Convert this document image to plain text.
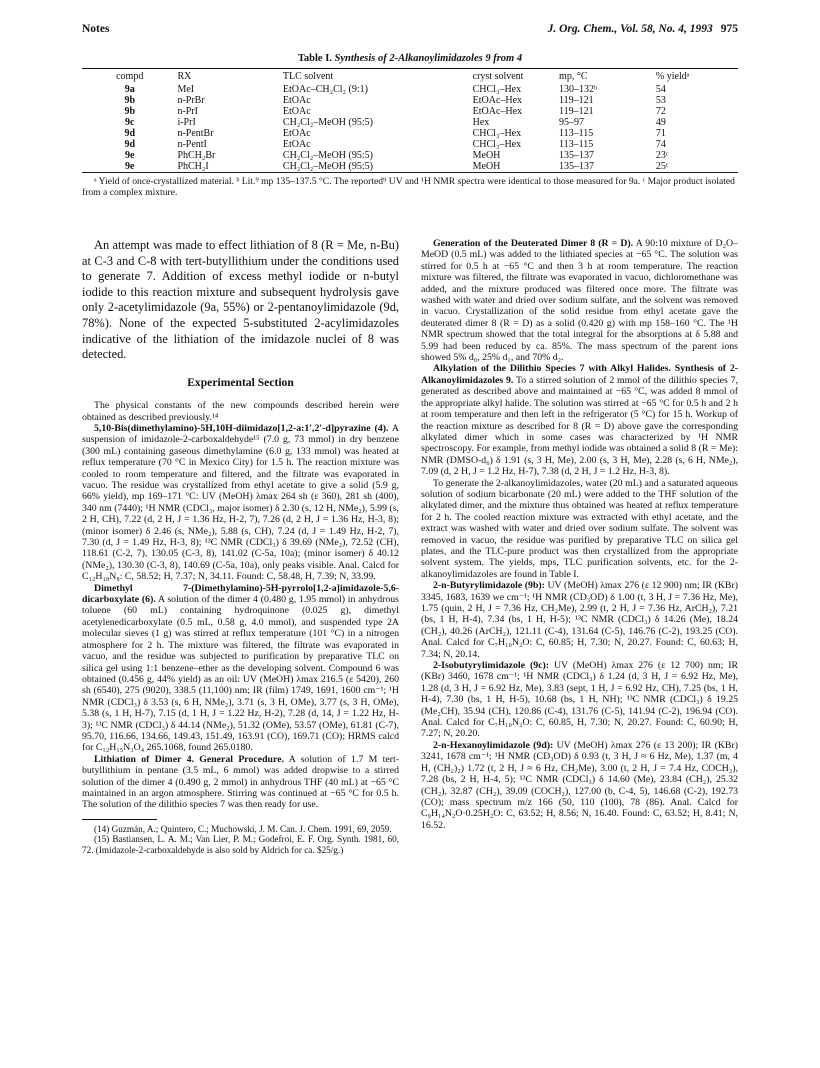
Notes	J. Org. Chem., Vol. 58, No. 4, 1993 975
Table I. Synthesis of 2-Alkanoylimidazoles 9 from 4
compd	RX	TLC solvent	cryst solvent	mp, °C	% yieldᵃ
9a	MeI	EtOAc–CH₂Cl₂ (9:1)	CHCl₃–Hex	130–132ᵇ	54
9b	n-PrBr	EtOAc	EtOAc–Hex	119–121	53
9b	n-PrI	EtOAc	EtOAc–Hex	119–121	72
9c	i-PrI	CH₂Cl₂–MeOH (95:5)	Hex	95–97	49
9d	n-PentBr	EtOAc	CHCl₃–Hex	113–115	71
9d	n-PentI	EtOAc	CHCl₃–Hex	113–115	74
9e	PhCH₂Br	CH₂Cl₂–MeOH (95:5)	MeOH	135–137	23ᶜ
9e	PhCH₂I	CH₂Cl₂–MeOH (95:5)	MeOH	135–137	25ᶜ
ᵃ Yield of once-crystallized material. ᵇ Lit.⁹ mp 135–137.5 °C. The reported⁹ UV and ¹H NMR spectra were identical to those measured for 9a. ᶜ Major product isolated from a complex mixture.

An attempt was made to effect lithiation of 8 (R = Me, n-Bu) at C-3 and C-8 with tert-butyllithium under the conditions used to generate 7. Addition of excess methyl iodide or n-butyl iodide to this reaction mixture and subsequent hydrolysis gave only 2-acetylimidazole (9a, 55%) or 2-pentanoylimidazole (9d, 78%). None of the expected 5-substituted 2-acylimidazoles indicative of the lithiation of the imidazole nuclei of 8 was detected.

Experimental Section

The physical constants of the new compounds described herein were obtained as described previously.¹⁴

5,10-Bis(dimethylamino)-5H,10H-diimidazo[1,2-a:1′,2′-d]pyrazine (4). A suspension of imidazole-2-carboxaldehyde¹⁵ (7.0 g, 73 mmol) in dry benzene (300 mL) containing gaseous dimethylamine (6.0 g, 133 mmol) was heated at reflux temperature (70 °C in Mexico City) for 1.5 h. The reaction mixture was cooled to room temperature and filtered, and the filtrate was evaporated in vacuo. The residue was crystallized from ethyl acetate to give a solid (5.9 g, 66% yield), mp 169–171 °C: UV (MeOH) λmax 264 sh (ε 360), 281 sh (400), 340 nm (7440); ¹H NMR (CDCl₃, major isomer) δ 2.30 (s, 12 H, NMe₂), 5.99 (s, 2 H, CH), 7.22 (d, 2 H, J = 1.36 Hz, H-2, 7), 7.26 (d, 2 H, J = 1.36 Hz, H-3, 8); (minor isomer) δ 2.46 (s, NMe₂), 5.88 (s, CH), 7.24 (d, J = 1.49 Hz, H-2, 7), 7.30 (d, J = 1.49 Hz, H-3, 8); ¹³C NMR (CDCl₃) δ 39.69 (NMe₂), 72.52 (CH), 118.61 (C-2, 7), 130.05 (C-3, 8), 141.02 (C-5a, 10a); (minor isomer) δ 40.12 (NMe₂), 130.30 (C-3, 8), 140.69 (C-5a, 10a), only peaks visible. Anal. Calcd for C₁₂H₁₈N₈: C, 58.52; H, 7.37; N, 34.11. Found: C, 58.48, H, 7.39; N, 33.99.

Dimethyl 7-(Dimethylamino)-5H-pyrrolo[1,2-a]imidazole-5,6-dicarboxylate (6). A solution of the dimer 4 (0.480 g, 1.95 mmol) in anhydrous toluene (60 mL) containing hydroquinone (0.025 g), dimethyl acetylenedicarboxylate (0.5 mL, 0.58 g, 4.0 mmol), and suspended type 2A molecular sieves (1 g) was stirred at reflux temperature (101 °C) in a nitrogen atmosphere for 2 h. The mixture was filtered, the filtrate was evaporated in vacuo, and the residue was subjected to purification by preparative TLC on silica gel using 1:1 benzene–ether as the developing solvent. Compound 6 was obtained (0.456 g, 44% yield) as an oil: UV (MeOH) λmax 216.5 (ε 5420), 260 sh (6540), 275 (9020), 338.5 (11,100) nm; IR (film) 1749, 1691, 1600 cm⁻¹; ¹H NMR (CDCl₃) δ 3.53 (s, 6 H, NMe₂), 3.71 (s, 3 H, OMe), 3.77 (s, 3 H, OMe), 5.38 (s, 1 H, H-7), 7.15 (d, 1 H, J = 1.22 Hz, H-2), 7.28 (d, 14, J = 1.22 Hz, H-3); ¹³C NMR (CDCl₃) δ 44.14 (NMe₂), 51.32 (OMe), 53.57 (OMe), 61.81 (C-7), 95.70, 116.66, 134.66, 149.43, 151.49, 163.91 (CO), 169.71 (CO); HRMS calcd for C₁₂H₁₅N₃O₄ 265.1068, found 265.0180.

Lithiation of Dimer 4. General Procedure. A solution of 1.7 M tert-butyllithium in pentane (3.5 mL, 6 mmol) was added dropwise to a stirred solution of the dimer 4 (0.490 g, 2 mmol) in anhydrous THF (40 mL) at −65 °C maintained in an argon atmosphere. Stirring was continued at −65 °C for 0.5 h. The solution of the dilithio species 7 was then ready for use.

(14) Guzmán, A.; Quintero, C.; Muchowski, J. M. Can. J. Chem. 1991, 69, 2059.

(15) Bastiansen, L. A. M.; Van Lier, P. M.; Godefroi, E. F. Org. Synth. 1981, 60, 72. (Imidazole-2-carboxaldehyde is also sold by Aldrich for ca. $25/g.)

Generation of the Deuterated Dimer 8 (R = D). A 90:10 mixture of D₂O–MeOD (0.5 mL) was added to the lithiated species at −65 °C. The solution was stirred for 0.5 h at −65 °C and then 3 h at room temperature. The reaction mixture was filtered, the filtrate was evaporated in vacuo, dichloromethane was added, and the mixture produced was filtered once more. The filtrate was washed with water and dried over sodium sulfate, and the solvent was removed in vacuo. Crystallization of the solid residue from ethyl acetate gave the deuterated dimer 8 (R = D) as a solid (0.420 g) with mp 158–160 °C. The ¹H NMR spectrum showed that the total integral for the absorptions at δ 5.88 and 5.99 had been reduced by ca. 85%. The mass spectrum of the parent ions showed 5% d₀, 25% d₁, and 70% d₂.

Alkylation of the Dilithio Species 7 with Alkyl Halides. Synthesis of 2-Alkanoylimidazoles 9. To a stirred solution of 2 mmol of the dilithio species 7, generated as described above and maintained at −65 °C, was added 8 mmol of the appropriate alkyl halide. The solution was stirred at −65 °C for 0.5 h and 2 h at room temperature and then left in the refrigerator (5 °C) for 15 h. Workup of the reaction mixture as described for 8 (R = D) above gave the corresponding alkylated dimer which in some cases was characterized by ¹H NMR spectroscopy. For example, from methyl iodide was obtained a solid 8 (R = Me): NMR (DMSO-d₆) δ 1.91 (s, 3 H, Me), 2.00 (s, 3 H, Me), 2.28 (s, 6 H, NMe₂), 7.09 (d, 2 H, J = 1.2 Hz, H-7), 7.38 (d, 2 H, J = 1.2 Hz, H-3, 8).

To generate the 2-alkanoylimidazoles, water (20 mL) and a saturated aqueous solution of sodium bicarbonate (20 mL) were added to the THF solution of the alkylated dimer, and the mixture thus obtained was heated at reflux temperature for 2 h. The cooled reaction mixture was extracted with ethyl acetate, and the extract was washed with water and dried over sodium sulfate. The solvent was removed in vacuo, the residue was purified by preparative TLC on silica gel plates, and the TLC-pure product was then crystallized from the appropriate solvent system. The yields, mps, TLC purification solvents, etc. for the 2-alkanoylimidazoles are found in Table I.

2-n-Butyrylimidazole (9b): UV (MeOH) λmax 276 (ε 12 900) nm; IR (KBr) 3345, 1683, 1639 we cm⁻¹; ¹H NMR (CD₃OD) δ 1.00 (t, 3 H, J = 7.36 Hz, Me), 1.75 (quin, 2 H, J = 7.36 Hz, CH₂Me), 2.99 (t, 2 H, J = 7.36 Hz, ArCH₂), 7.21 (bs, 1 H, H-4), 7.34 (bs, 1 H, H-5); ¹³C NMR (CDCl₃) δ 14.26 (Me), 18.24 (CH₂), 40.26 (ArCH₂), 121.11 (C-4), 131.64 (C-5), 146.76 (C-2), 193.25 (CO). Anal. Calcd for C₇H₁₀N₂O: C, 60.85; H, 7.30; N, 20.27. Found: C, 60.63; H, 7.34; N, 20.14.

2-Isobutyrylimidazole (9c): UV (MeOH) λmax 276 (ε 12 700) nm; IR (KBr) 3460, 1678 cm⁻¹; ¹H NMR (CDCl₃) δ 1.24 (d, 3 H, J = 6.92 Hz, Me), 1.28 (d, 3 H, J = 6.92 Hz, Me), 3.83 (sept, 1 H, J = 6.92 Hz, CH), 7.25 (bs, 1 H, H-4), 7.30 (bs, 1 H, H-5), 10.68 (bs, 1 H, NH); ¹³C NMR (CDCl₃) δ 19.25 (Me₂CH), 35.94 (CH), 120.86 (C-4), 131.76 (C-5), 141.94 (C-2), 196.94 (CO). Anal. Calcd for C₇H₁₀N₂O: C, 60.85, H, 7.30; N, 20.27. Found: C, 60.90; H, 7.27; N, 20.20.

2-n-Hexanoylimidazole (9d): UV (MeOH) λmax 276 (ε 13 200); IR (KBr) 3241, 1678 cm⁻¹; ¹H NMR (CD₃OD) δ 0.93 (t, 3 H, J ≈ 6 Hz, Me), 1.37 (m, 4 H, (CH₂)₂) 1.72 (t, 2 H, J ≈ 6 Hz, CH₂Me), 3.00 (t, 2 H, J = 7.4 Hz, COCH₂), 7.28 (bs, 2 H, H-4, 5); ¹³C NMR (CDCl₃) δ 14.60 (Me), 23.84 (CH₂), 25.32 (CH₂), 32.87 (CH₂), 39.09 (COCH₂), 127.00 (b, C-4, 5), 146.68 (C-2), 192.73 (CO); mass spectrum m/z 166 (50, 110 (100), 78 (86). Anal. Calcd for C₉H₁₄N₂O·0.25H₂O: C, 63.52; H, 8.56; N, 16.40. Found: C, 63.52; H, 8.41; N, 16.52.
